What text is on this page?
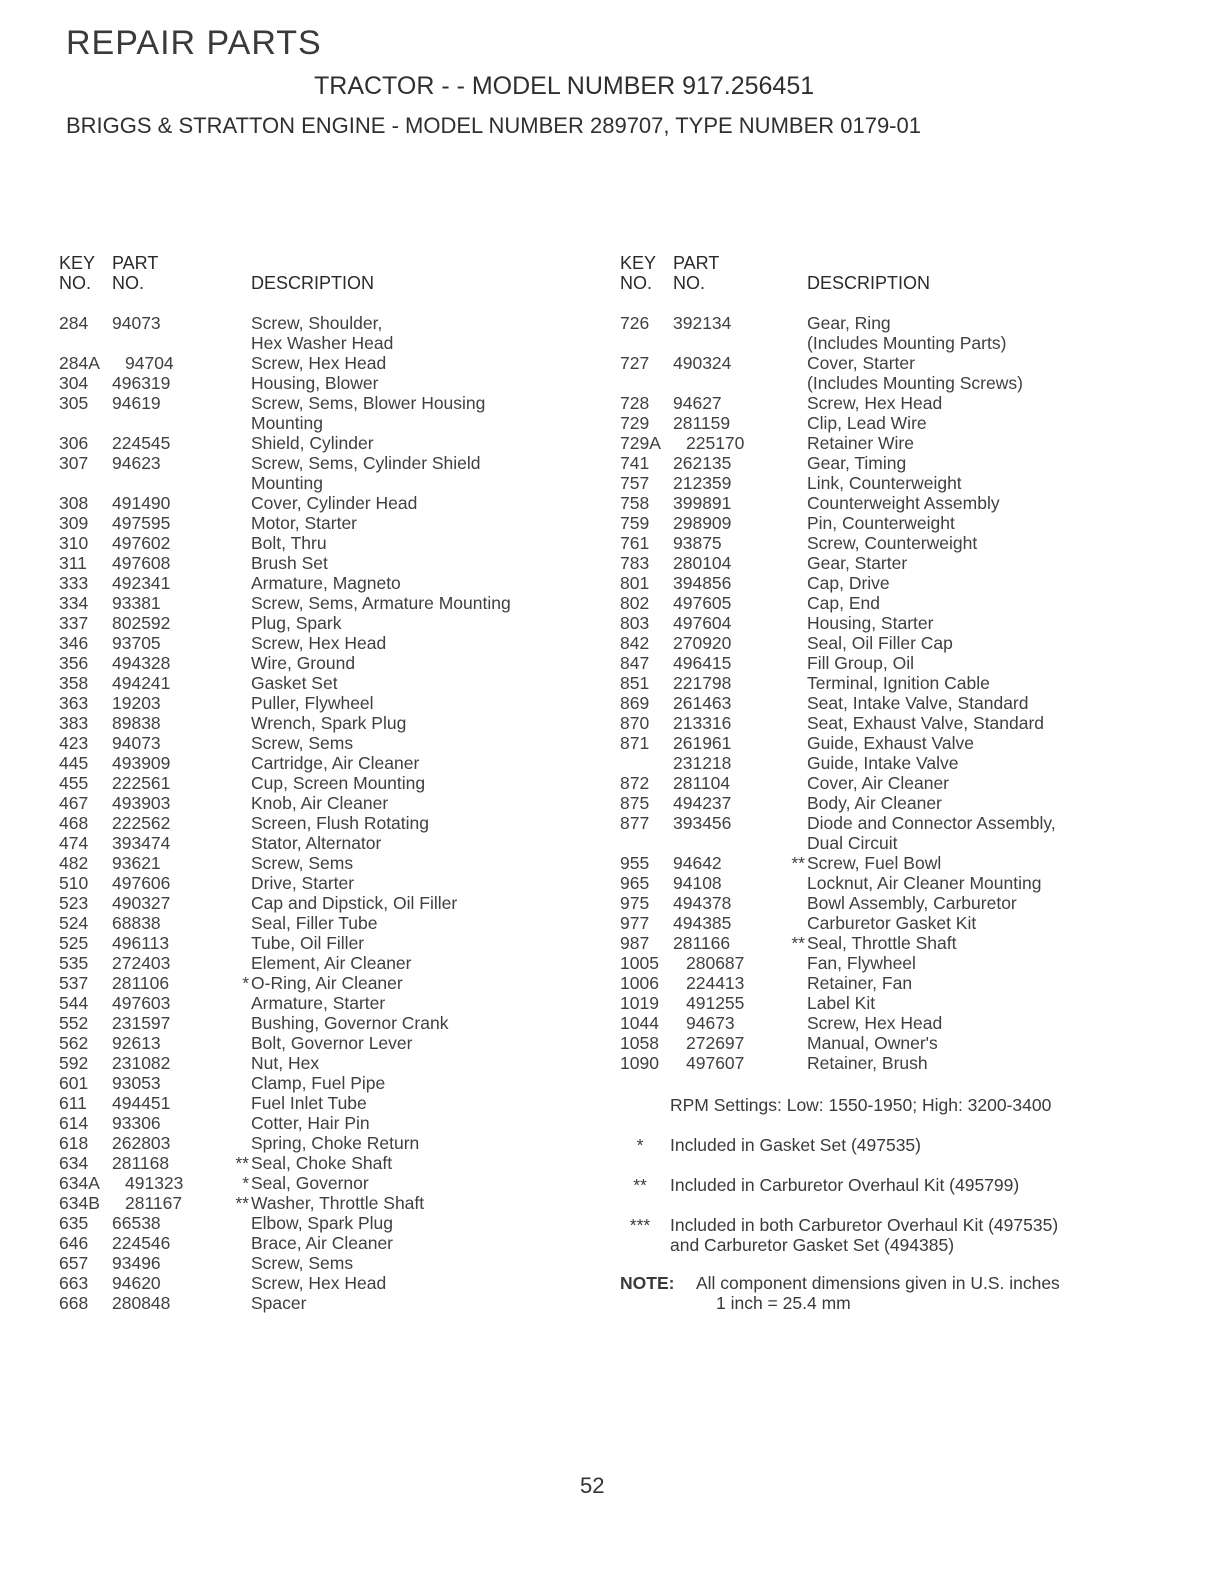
REPAIR PARTS
TRACTOR - - MODEL NUMBER 917.256451
BRIGGS & STRATTON ENGINE - MODEL NUMBER 289707, TYPE NUMBER 0179-01
KEY
NO.
PART
NO.	DESCRIPTION
284 94073	Screw, Shoulder,
Hex Washer Head
284A 94704	Screw, Hex Head
304 496319	Housing, Blower
305 94619	Screw, Sems, Blower Housing
Mounting
306 224545	Shield, Cylinder
307 94623	Screw, Sems, Cylinder Shield
Mounting
308 491490	Cover, Cylinder Head
309 497595	Motor, Starter
310 497602	Bolt, Thru
311 497608	Brush Set
333 492341	Armature, Magneto
334 93381	Screw, Sems, Armature Mounting
337 802592	Plug, Spark
346 93705	Screw, Hex Head
356 494328	Wire, Ground
358 494241	Gasket Set
363 19203	Puller, Flywheel
383 89838	Wrench, Spark Plug
423 94073	Screw, Sems
445 493909	Cartridge, Air Cleaner
455 222561	Cup, Screen Mounting
467 493903	Knob, Air Cleaner
468 222562	Screen, Flush Rotating
474 393474	Stator, Alternator
482 93621	Screw, Sems
510 497606	Drive, Starter
523 490327	Cap and Dipstick, Oil Filler
524 68838	Seal, Filler Tube
525 496113	Tube, Oil Filler
535 272403	Element, Air Cleaner
537 281106	* O-Ring, Air Cleaner
544 497603	Armature, Starter
552 231597	Bushing, Governor Crank
562 92613	Bolt, Governor Lever
592 231082	Nut, Hex
601 93053	Clamp, Fuel Pipe
611 494451	Fuel Inlet Tube
614 93306	Cotter, Hair Pin
618 262803	Spring, Choke Return
634 281168	** Seal, Choke Shaft
634A 491323	* Seal, Governor
634B 281167	** Washer, Throttle Shaft
635 66538	Elbow, Spark Plug
646 224546	Brace, Air Cleaner
657 93496	Screw, Sems
663 94620	Screw, Hex Head
668 280848	Spacer
KEY
NO.
PART
NO.	DESCRIPTION
726 392134	Gear, Ring
(Includes Mounting Parts)
727 490324	Cover, Starter
(Includes Mounting Screws)
728 94627	Screw, Hex Head
729 281159	Clip, Lead Wire
729A 225170	Retainer Wire
741 262135	Gear, Timing
757 212359	Link, Counterweight
758 399891	Counterweight Assembly
759 298909	Pin, Counterweight
761 93875	Screw, Counterweight
783 280104	Gear, Starter
801 394856	Cap, Drive
802 497605	Cap, End
803 497604	Housing, Starter
842 270920	Seal, Oil Filler Cap
847 496415	Fill Group, Oil
851 221798	Terminal, Ignition Cable
869 261463	Seat, Intake Valve, Standard
870 213316	Seat, Exhaust Valve, Standard
871 261961	Guide, Exhaust Valve
231218	Guide, Intake Valve
872 281104	Cover, Air Cleaner
875 494237	Body, Air Cleaner
877 393456	Diode and Connector Assembly,
Dual Circuit
955 94642	** Screw, Fuel Bowl
965 94108	Locknut, Air Cleaner Mounting
975 494378	Bowl Assembly, Carburetor
977 494385	Carburetor Gasket Kit
987 281166	** Seal, Throttle Shaft
1005 280687	Fan, Flywheel
1006 224413	Retainer, Fan
1019 491255	Label Kit
1044 94673	Screw, Hex Head
1058 272697	Manual, Owner's
1090 497607	Retainer, Brush
RPM Settings: Low: 1550-1950; High: 3200-3400
*	Included in Gasket Set (497535)
**	Included in Carburetor Overhaul Kit (495799)
***	Included in both Carburetor Overhaul Kit (497535)
and Carburetor Gasket Set (494385)
NOTE: All component dimensions given in U.S. inches
1 inch = 25.4 mm
52
